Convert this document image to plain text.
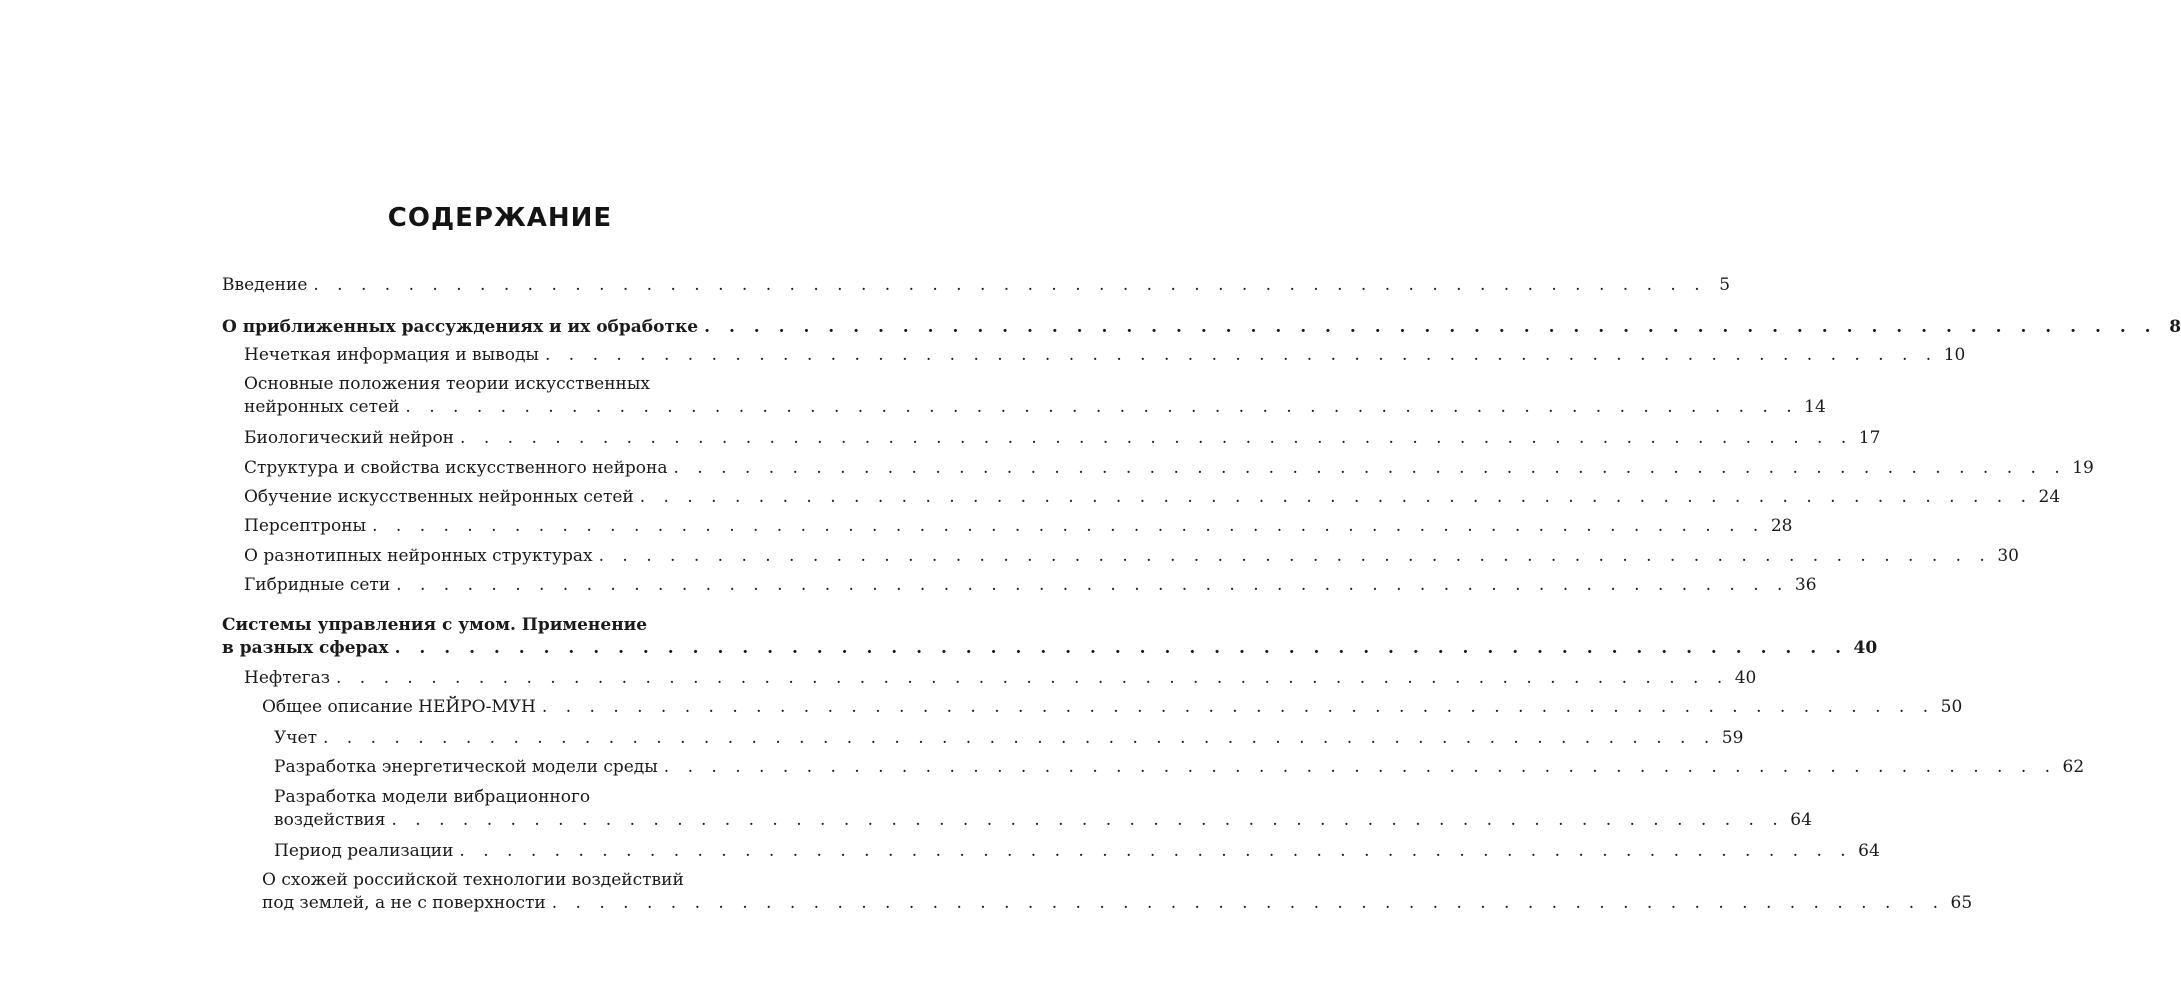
СОДЕРЖАНИЕ
Введение . . . . . . . . . . . . . . . . . . . . . . . . . . . . . . . . . . . . . . . . . . . . . . . . . . . . . . . . . . . 5
О приближенных рассуждениях и их обработке . . . . . . . . . . . . . . . . . . . . . . . . . . . . . . . . . . . . . . . . . . . . . . . . . . . . . . . . . . . 8
Нечеткая информация и выводы . . . . . . . . . . . . . . . . . . . . . . . . . . . . . . . . . . . . . . . . . . . . . . . . . . . . . . . . . . . 10
Основные положения теории искусственных
нейронных сетей . . . . . . . . . . . . . . . . . . . . . . . . . . . . . . . . . . . . . . . . . . . . . . . . . . . . . . . . . . . 14
Биологический нейрон . . . . . . . . . . . . . . . . . . . . . . . . . . . . . . . . . . . . . . . . . . . . . . . . . . . . . . . . . . . 17
Структура и свойства искусственного нейрона . . . . . . . . . . . . . . . . . . . . . . . . . . . . . . . . . . . . . . . . . . . . . . . . . . . . . . . . . . . 19
Обучение искусственных нейронных сетей . . . . . . . . . . . . . . . . . . . . . . . . . . . . . . . . . . . . . . . . . . . . . . . . . . . . . . . . . . . 24
Персептроны . . . . . . . . . . . . . . . . . . . . . . . . . . . . . . . . . . . . . . . . . . . . . . . . . . . . . . . . . . . 28
О разнотипных нейронных структурах . . . . . . . . . . . . . . . . . . . . . . . . . . . . . . . . . . . . . . . . . . . . . . . . . . . . . . . . . . . 30
Гибридные сети . . . . . . . . . . . . . . . . . . . . . . . . . . . . . . . . . . . . . . . . . . . . . . . . . . . . . . . . . . . 36
Системы управления с умом. Применение
в разных сферах . . . . . . . . . . . . . . . . . . . . . . . . . . . . . . . . . . . . . . . . . . . . . . . . . . . . . . . . . . . 40
Нефтегаз . . . . . . . . . . . . . . . . . . . . . . . . . . . . . . . . . . . . . . . . . . . . . . . . . . . . . . . . . . . 40
Общее описание НЕЙРО-МУН . . . . . . . . . . . . . . . . . . . . . . . . . . . . . . . . . . . . . . . . . . . . . . . . . . . . . . . . . . . 50
Учет . . . . . . . . . . . . . . . . . . . . . . . . . . . . . . . . . . . . . . . . . . . . . . . . . . . . . . . . . . . 59
Разработка энергетической модели среды . . . . . . . . . . . . . . . . . . . . . . . . . . . . . . . . . . . . . . . . . . . . . . . . . . . . . . . . . . . 62
Разработка модели вибрационного
воздействия . . . . . . . . . . . . . . . . . . . . . . . . . . . . . . . . . . . . . . . . . . . . . . . . . . . . . . . . . . . 64
Период реализации . . . . . . . . . . . . . . . . . . . . . . . . . . . . . . . . . . . . . . . . . . . . . . . . . . . . . . . . . . . 64
О схожей российской технологии воздействий
под землей, а не с поверхности . . . . . . . . . . . . . . . . . . . . . . . . . . . . . . . . . . . . . . . . . . . . . . . . . . . . . . . . . . . 65
